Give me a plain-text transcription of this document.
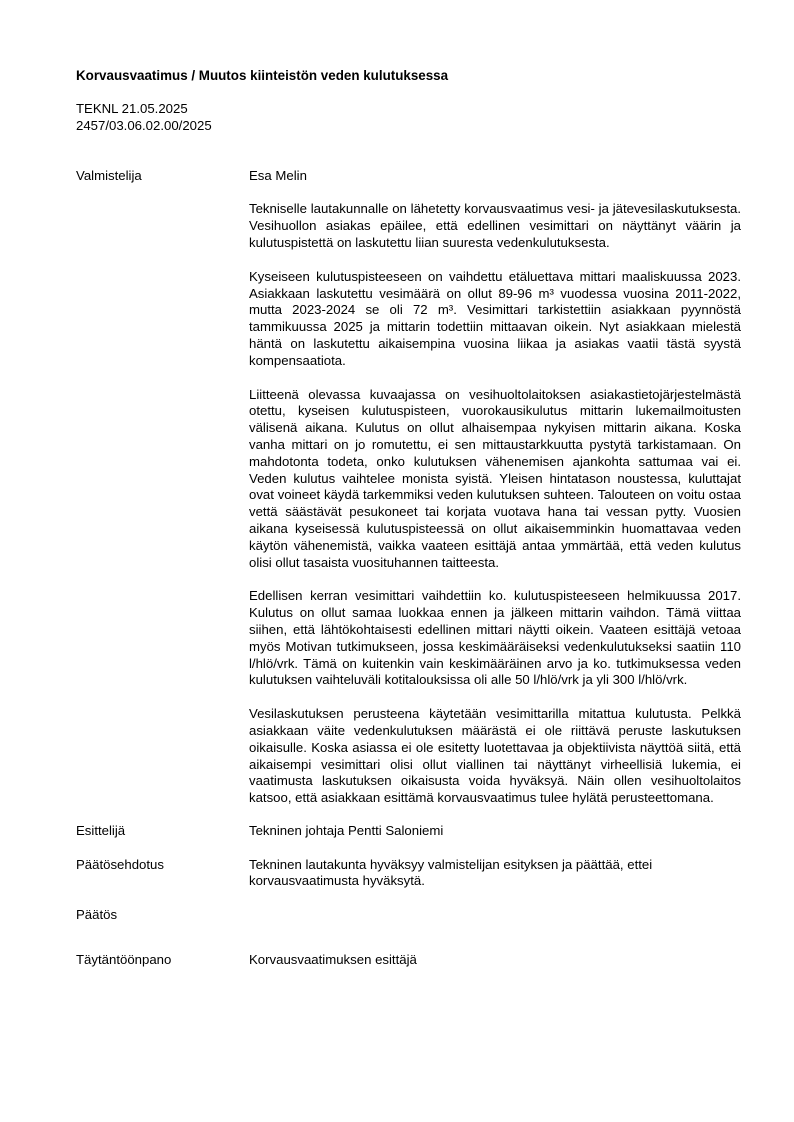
Korvausvaatimus / Muutos kiinteistön veden kulutuksessa
TEKNL 21.05.2025
2457/03.06.02.00/2025
Valmistelija	Esa Melin

Tekniselle lautakunnalle on lähetetty korvausvaatimus vesi- ja jätevesilaskutuksesta. Vesihuollon asiakas epäilee, että edellinen vesimittari on näyttänyt väärin ja kulutuspistettä on laskutettu liian suuresta vedenkulutuksesta.

Kyseiseen kulutuspisteeseen on vaihdettu etäluettava mittari maaliskuussa 2023. Asiakkaan laskutettu vesimäärä on ollut 89-96 m³ vuodessa vuosina 2011-2022, mutta 2023-2024 se oli 72 m³. Vesimittari tarkistettiin asiakkaan pyynnöstä tammikuussa 2025 ja mittarin todettiin mittaavan oikein. Nyt asiakkaan mielestä häntä on laskutettu aikaisempina vuosina liikaa ja asiakas vaatii tästä syystä kompensaatiota.

Liitteenä olevassa kuvaajassa on vesihuoltolaitoksen asiakastietojärjestelmästä otettu, kyseisen kulutuspisteen, vuorokausikulutus mittarin lukemailmoitusten välisenä aikana. Kulutus on ollut alhaisempaa nykyisen mittarin aikana. Koska vanha mittari on jo romutettu, ei sen mittaustarkkuutta pystytä tarkistamaan. On mahdotonta todeta, onko kulutuksen vähenemisen ajankohta sattumaa vai ei. Veden kulutus vaihtelee monista syistä. Yleisen hintatason noustessa, kuluttajat ovat voineet käydä tarkemmiksi veden kulutuksen suhteen. Talouteen on voitu ostaa vettä säästävät pesukoneet tai korjata vuotava hana tai vessan pytty. Vuosien aikana kyseisessä kulutuspisteessä on ollut aikaisemminkin huomattavaa veden käytön vähenemistä, vaikka vaateen esittäjä antaa ymmärtää, että veden kulutus olisi ollut tasaista vuosituhannen taitteesta.

Edellisen kerran vesimittari vaihdettiin ko. kulutuspisteeseen helmikuussa 2017. Kulutus on ollut samaa luokkaa ennen ja jälkeen mittarin vaihdon. Tämä viittaa siihen, että lähtökohtaisesti edellinen mittari näytti oikein. Vaateen esittäjä vetoaa myös Motivan tutkimukseen, jossa keskimääräiseksi vedenkulutukseksi saatiin 110 l/hlö/vrk. Tämä on kuitenkin vain keskimääräinen arvo ja ko. tutkimuksessa veden kulutuksen vaihteluväli kotitalouksissa oli alle 50 l/hlö/vrk ja yli 300 l/hlö/vrk.

Vesilaskutuksen perusteena käytetään vesimittarilla mitattua kulutusta. Pelkkä asiakkaan väite vedenkulutuksen määrästä ei ole riittävä peruste laskutuksen oikaisulle. Koska asiassa ei ole esitetty luotettavaa ja objektiivista näyttöä siitä, että aikaisempi vesimittari olisi ollut viallinen tai näyttänyt virheellisiä lukemia, ei vaatimusta laskutuksen oikaisusta voida hyväksyä. Näin ollen vesihuoltolaitos katsoo, että asiakkaan esittämä korvausvaatimus tulee hylätä perusteettomana.

Esittelijä	Tekninen johtaja Pentti Saloniemi
Päätösehdotus	Tekninen lautakunta hyväksyy valmistelijan esityksen ja päättää, ettei korvausvaatimusta hyväksytä.
Päätös
Täytäntöönpano	Korvausvaatimuksen esittäjä
